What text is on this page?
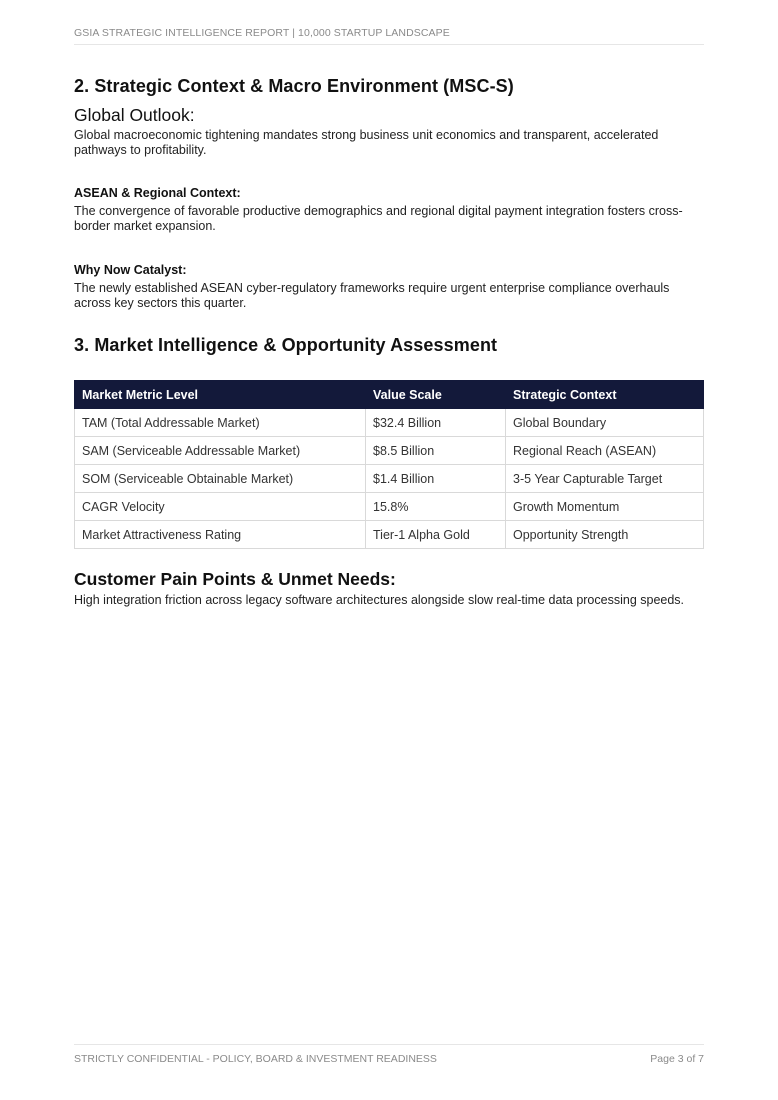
GSIA STRATEGIC INTELLIGENCE REPORT | 10,000 STARTUP LANDSCAPE
2. Strategic Context & Macro Environment (MSC-S)
Global Outlook:

Global macroeconomic tightening mandates strong business unit economics and transparent, accelerated pathways to profitability.

ASEAN & Regional Context:

The convergence of favorable productive demographics and regional digital payment integration fosters cross-border market expansion.

Why Now Catalyst:

The newly established ASEAN cyber-regulatory frameworks require urgent enterprise compliance overhauls across key sectors this quarter.

3. Market Intelligence & Opportunity Assessment
Market Metric Level	Value Scale	Strategic Context
TAM (Total Addressable Market)	$32.4 Billion	Global Boundary
SAM (Serviceable Addressable Market)	$8.5 Billion	Regional Reach (ASEAN)
SOM (Serviceable Obtainable Market)	$1.4 Billion	3-5 Year Capturable Target
CAGR Velocity	15.8%	Growth Momentum
Market Attractiveness Rating	Tier-1 Alpha Gold	Opportunity Strength
Customer Pain Points & Unmet Needs:

High integration friction across legacy software architectures alongside slow real-time data processing speeds.

STRICTLY CONFIDENTIAL - POLICY, BOARD & INVESTMENT READINESS	Page 3 of 7
